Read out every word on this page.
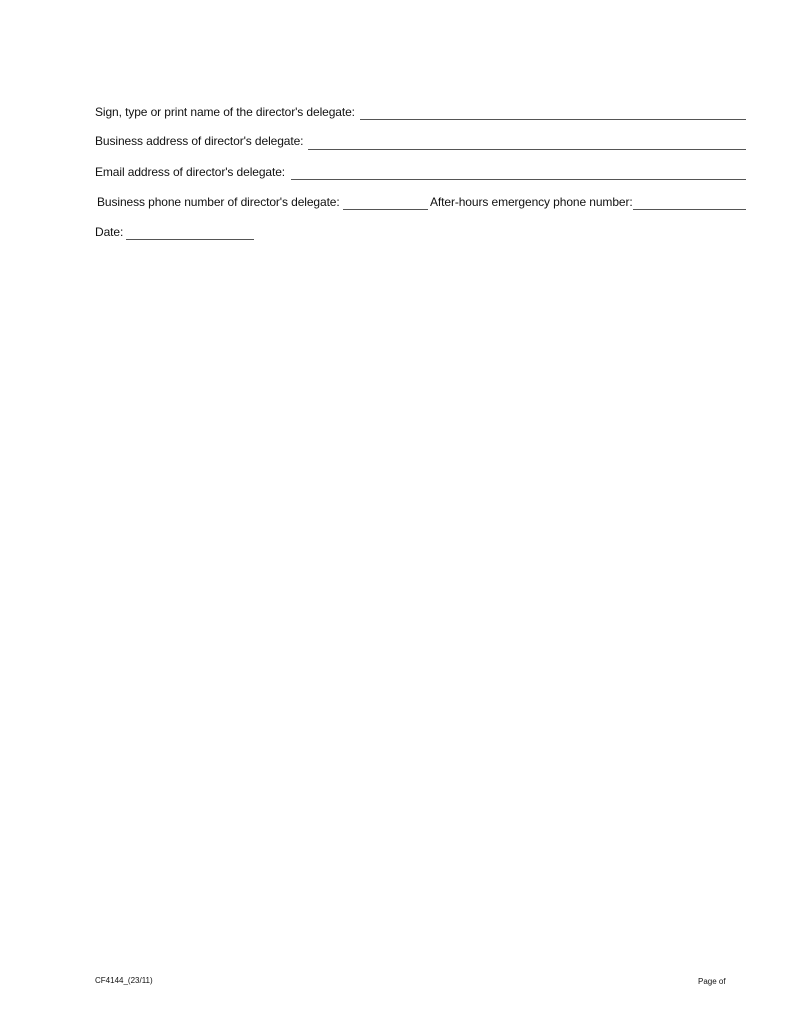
Sign, type or print name of the director's delegate:
Business address of director's delegate:
Email address of director's delegate:
Business phone number of director's delegate:	After-hours emergency phone number:
Date:
CF4144_(23/11)	Page of
